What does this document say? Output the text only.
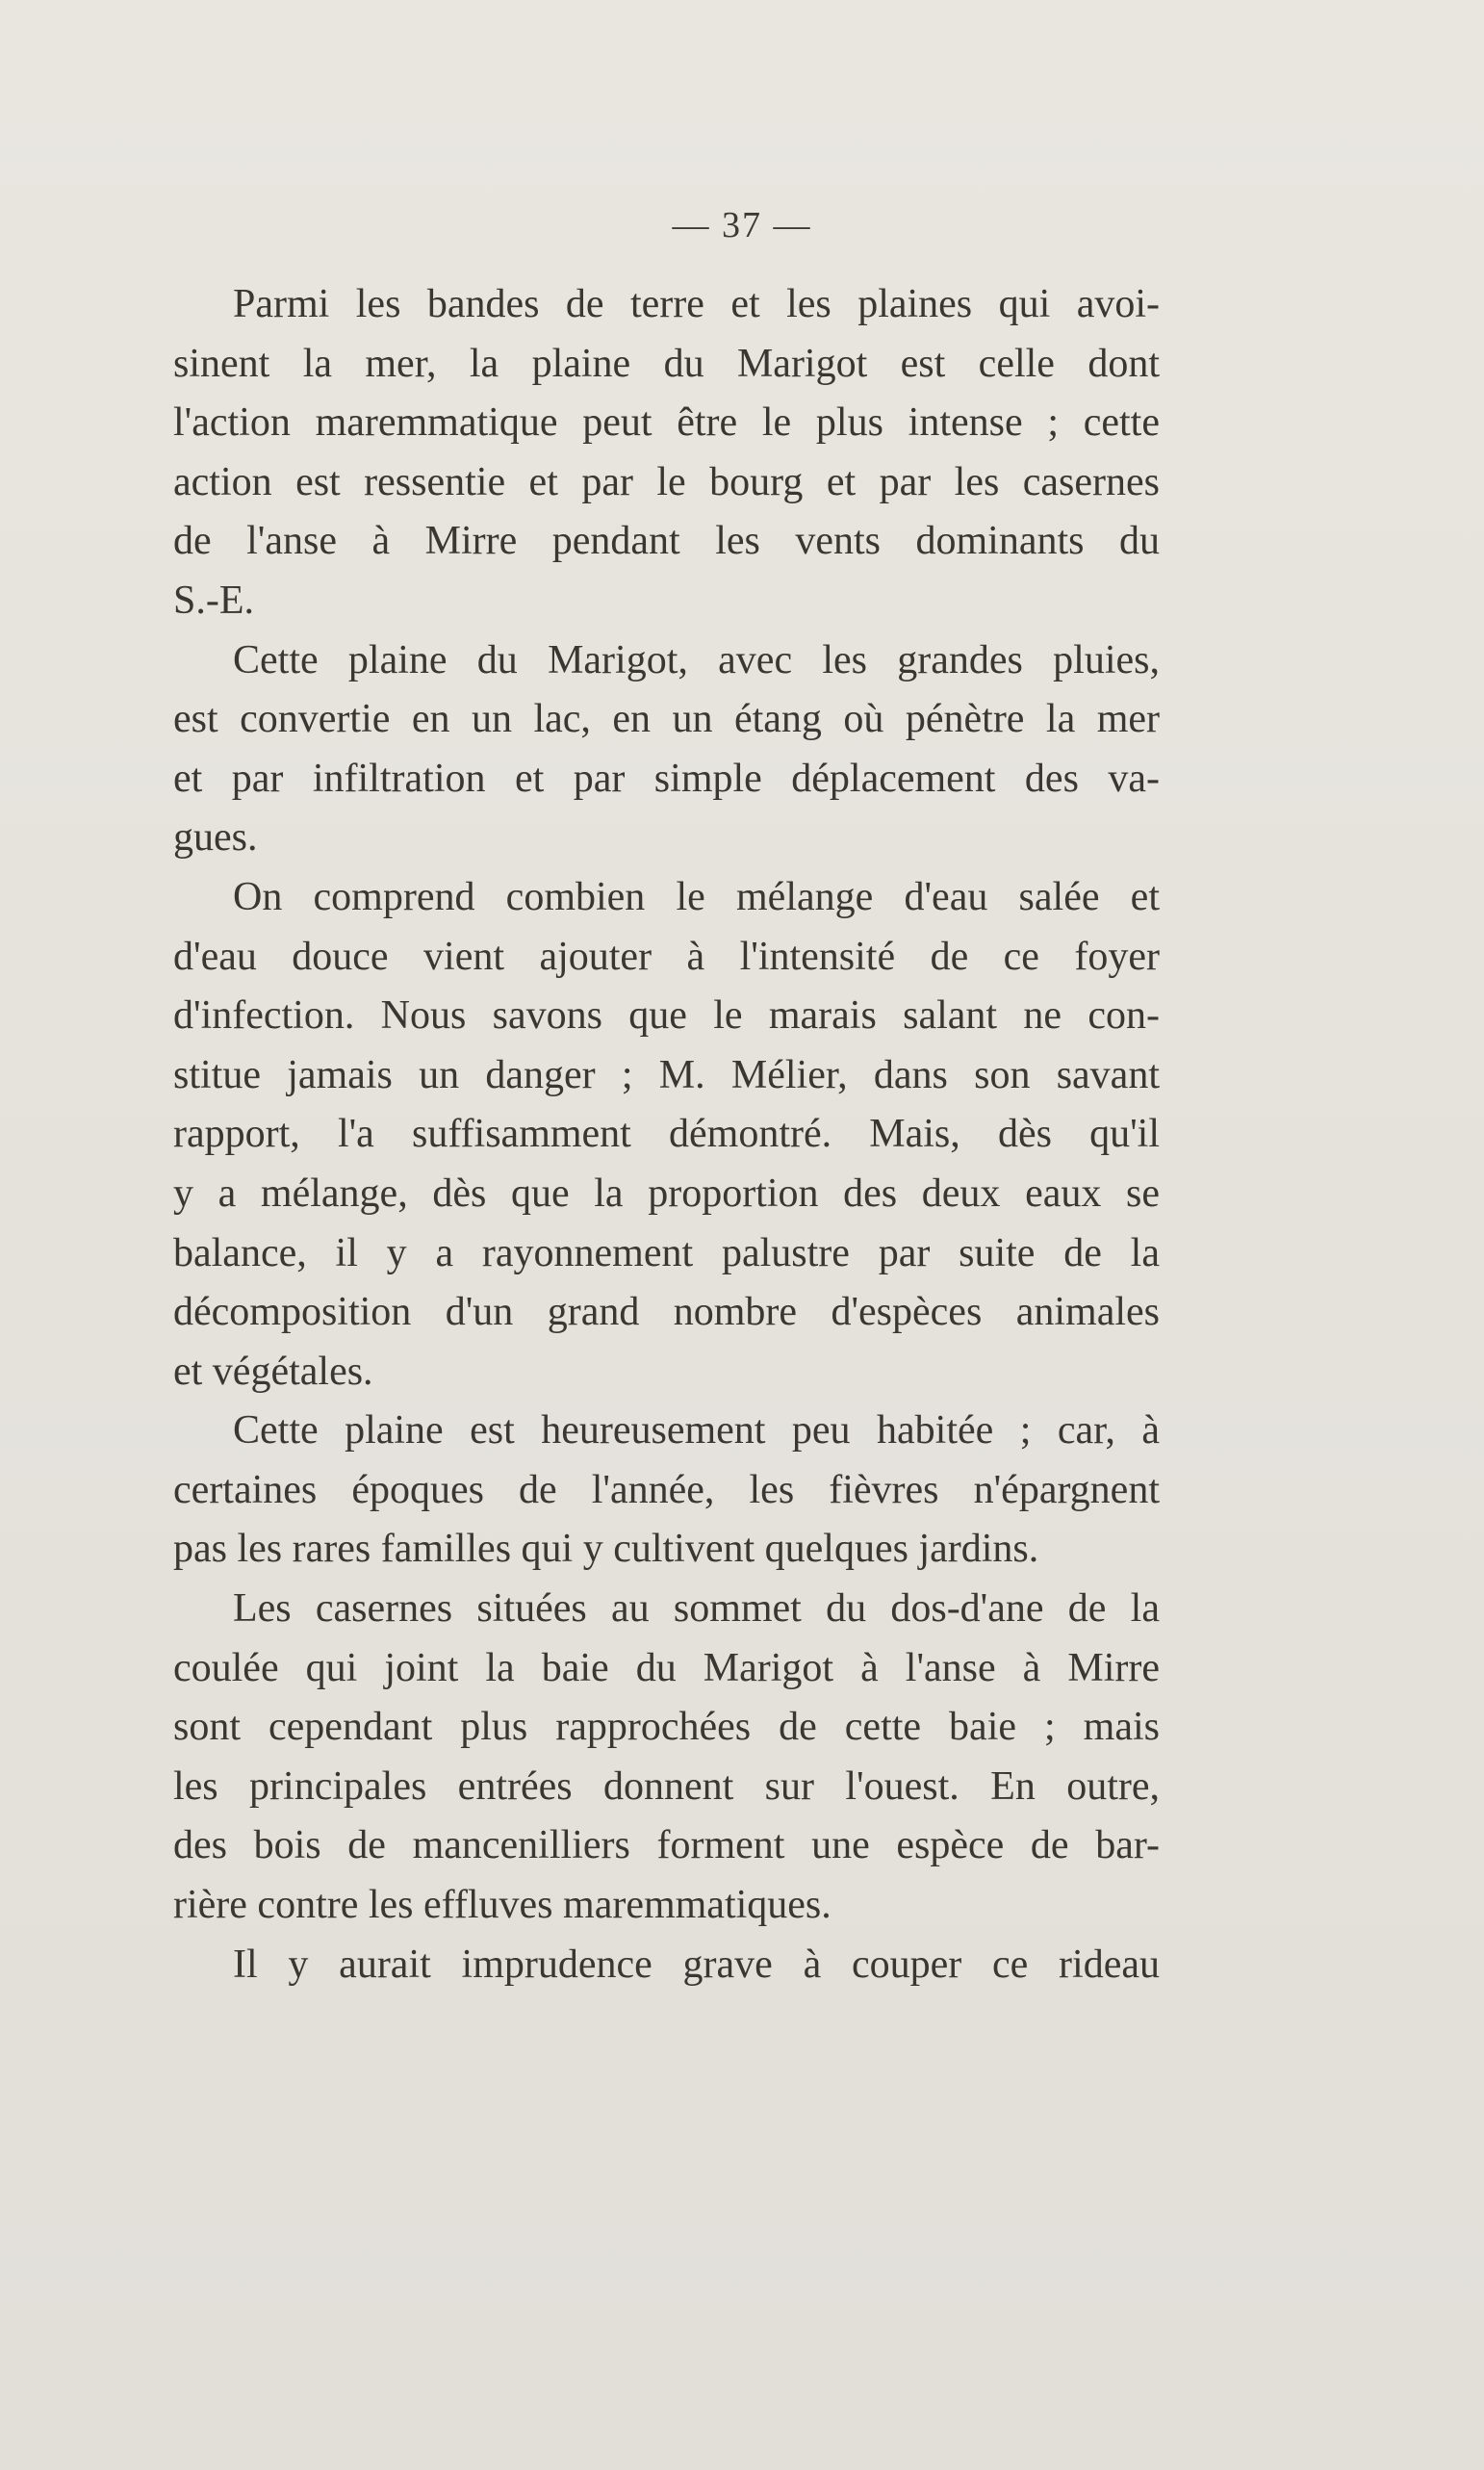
— 37 —
Parmi les bandes de terre et les plaines qui avoi-
sinent la mer, la plaine du Marigot est celle dont
l'action maremmatique peut être le plus intense ; cette
action est ressentie et par le bourg et par les casernes
de l'anse à Mirre pendant les vents dominants du
S.-E.
Cette plaine du Marigot, avec les grandes pluies,
est convertie en un lac, en un étang où pénètre la mer
et par infiltration et par simple déplacement des va-
gues.
On comprend combien le mélange d'eau salée et
d'eau douce vient ajouter à l'intensité de ce foyer
d'infection. Nous savons que le marais salant ne con-
stitue jamais un danger ; M. Mélier, dans son savant
rapport, l'a suffisamment démontré. Mais, dès qu'il
y a mélange, dès que la proportion des deux eaux se
balance, il y a rayonnement palustre par suite de la
décomposition d'un grand nombre d'espèces animales
et végétales.
Cette plaine est heureusement peu habitée ; car, à
certaines époques de l'année, les fièvres n'épargnent
pas les rares familles qui y cultivent quelques jardins.
Les casernes situées au sommet du dos-d'ane de la
coulée qui joint la baie du Marigot à l'anse à Mirre
sont cependant plus rapprochées de cette baie ; mais
les principales entrées donnent sur l'ouest. En outre,
des bois de mancenilliers forment une espèce de bar-
rière contre les effluves maremmatiques.
Il y aurait imprudence grave à couper ce rideau
